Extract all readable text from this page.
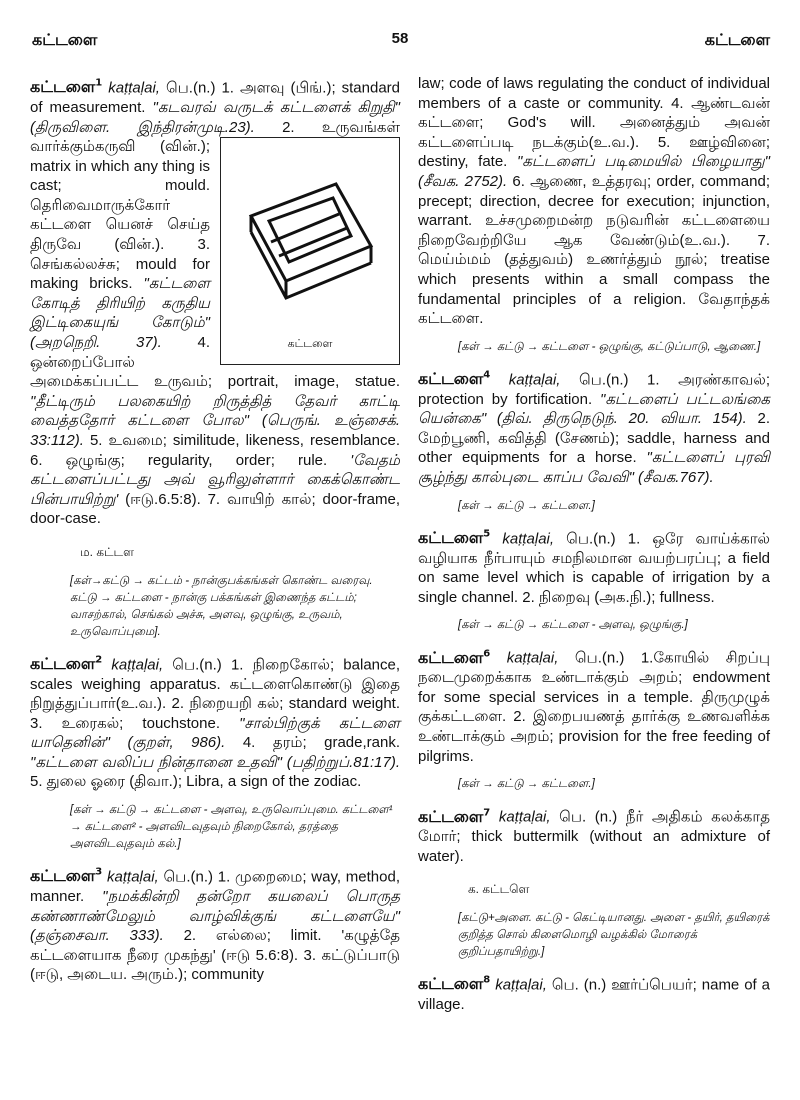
58
கட்டளை	கட்டளை

கட்டளை$^1$ kaṭṭaḷai, பெ.(n.) 1. அளவு (பிங்.); standard of measurement. "கடவரவ் வருடக் கட்டளைக் கிறுதி" (திருவிளை. இந்திரன்முடி.23).
கட்டளை
2. உருவங்கள் வார்க்கும்கருவி (வின்.); matrix in which any thing is cast; mould. தெரிவைமாருக்கோர் கட்டளை யெனச் செய்த திருவே (வின்.). 3. செங்கல்லச்சு; mould for making bricks. "கட்டளை கோடித் திரியிற் கருதிய இட்டிகையுங் கோடும்" (அறநெறி. 37). 4. ஒன்றைப்போல் அமைக்கப்பட்ட உருவம்; portrait, image, statue. "தீட்டிரும் பலகையிற் றிருத்தித் தேவர் காட்டி வைத்ததோர் கட்டளை போல" (பெருங். உஞ்சைக். 33:112). 5. உவமை; similitude, likeness, resemblance. 6. ஒழுங்கு; regularity, order; rule. 'வேதம் கட்டளைப்பட்டது அவ் வூரிலுள்ளார் கைக்கொண்ட பின்பாயிற்று' (ஈடு.6.5:8). 7. வாயிற் கால்; door-frame, door-case.

ம. கட்டள
[கள்→கட்டு → கட்டம் - நான்குபக்கங்கள் கொண்ட வரைவு. கட்டு → கட்டளை - நான்கு பக்கங்கள் இணைந்த கட்டம்; வாசற்கால், செங்கல் அச்சு, அளவு, ஒழுங்கு, உருவம், உருவொப்புமை].

கட்டளை$^2$ kaṭṭaḷai, பெ.(n.) 1. நிறைகோல்; balance, scales weighing apparatus. கட்டளைகொண்டு இதை நிறுத்துப்பார்(உ.வ.). 2. நிறையறி கல்; standard weight. 3. உரைகல்; touchstone. "சால்பிற்குக் கட்டளை யாதெனின்" (குறள், 986). 4. தரம்; grade,rank. "கட்டளை வலிப்ப நின்தானை உதவி" (பதிற்றுப்.81:17). 5. துலை ஓரை (திவா.); Libra, a sign of the zodiac.

[கள் → கட்டு → கட்டளை - அளவு, உருவொப்புமை. கட்டளை¹ → கட்டளை² - அளவிடவுதவும் நிறைகோல், தரத்தை அளவிடவுதவும் கல்.]

கட்டளை$^3$ kaṭṭaḷai, பெ.(n.) 1. முறைமை; way, method, manner. "நமக்கின்றி தன்றோ கயலைப் பொருத கண்ணாண்மேலும் வாழ்விக்குங் கட்டளையே" (தஞ்சைவா. 333). 2. எல்லை; limit. 'கழுத்தே கட்டளையாக நீரை முகந்து' (ஈடு 5.6:8). 3. கட்டுப்பாடு (ஈடு, அடைய. அரும்.); community

law; code of laws regulating the conduct of individual members of a caste or community. 4. ஆண்டவன் கட்டளை; God's will. அனைத்தும் அவன் கட்டளைப்படி நடக்கும்(உ.வ.). 5. ஊழ்வினை; destiny, fate. "கட்டளைப் படிமையில் பிழையாது" (சீவக. 2752). 6. ஆணை, உத்தரவு; order, command; precept; direction, decree for execution; injunction, warrant. உச்சமுறைமன்ற நடுவரின் கட்டளையை நிறைவேற்றியே ஆக வேண்டும்(உ.வ.). 7. மெய்ம்மம் (தத்துவம்) உணர்த்தும் நூல்; treatise which presents within a small compass the fundamental principles of a religion. வேதாந்தக் கட்டளை.

[கள் → கட்டு → கட்டளை - ஒழுங்கு, கட்டுப்பாடு, ஆணை.]

கட்டளை$^4$ kaṭṭaḷai, பெ.(n.) 1. அரண்காவல்; protection by fortification. "கட்டளைப் பட்டலங்கை யென்கை" (திவ். திருநெடுந். 20. வியா. 154). 2. மேற்பூணி, கவித்தி (சேணம்); saddle, harness and other equipments for a horse. "கட்டளைப் புரவி சூழ்ந்து கால்புடை காப்ப வேவி" (சீவக.767).

[கள் → கட்டு → கட்டளை.]

கட்டளை$^5$ kaṭṭaḷai, பெ.(n.) 1. ஒரே வாய்க்கால் வழியாக நீர்பாயும் சமநிலமான வயற்பரப்பு; a field on same level which is capable of irrigation by a single channel. 2. நிறைவு (அக.நி.); fullness.

[கள் → கட்டு → கட்டளை - அளவு, ஒழுங்கு.]

கட்டளை$^6$ kaṭṭaḷai, பெ.(n.) 1.கோயில் சிறப்பு நடைமுறைக்காக உண்டாக்கும் அறம்; endowment for some special services in a temple. திருமுழுக் குக்கட்டளை. 2. இறைபயணத் தார்க்கு உணவளிக்க உண்டாக்கும் அறம்; provision for the free feeding of pilgrims.

[கள் → கட்டு → கட்டளை.]

கட்டளை$^7$ kaṭṭaḷai, பெ. (n.) நீர் அதிகம் கலக்காத மோர்; thick buttermilk (without an admixture of water).

க. கட்டளெ
[கட்டு+அளை. கட்டு - கெட்டியானது. அளை - தயிர், தயிரைக் குறித்த சொல் கிளைமொழி வழக்கில் மோரைக் குறிப்பதாயிற்று.]

கட்டளை$^8$ kaṭṭaḷai, பெ. (n.) ஊர்ப்பெயர்; name of a village.
